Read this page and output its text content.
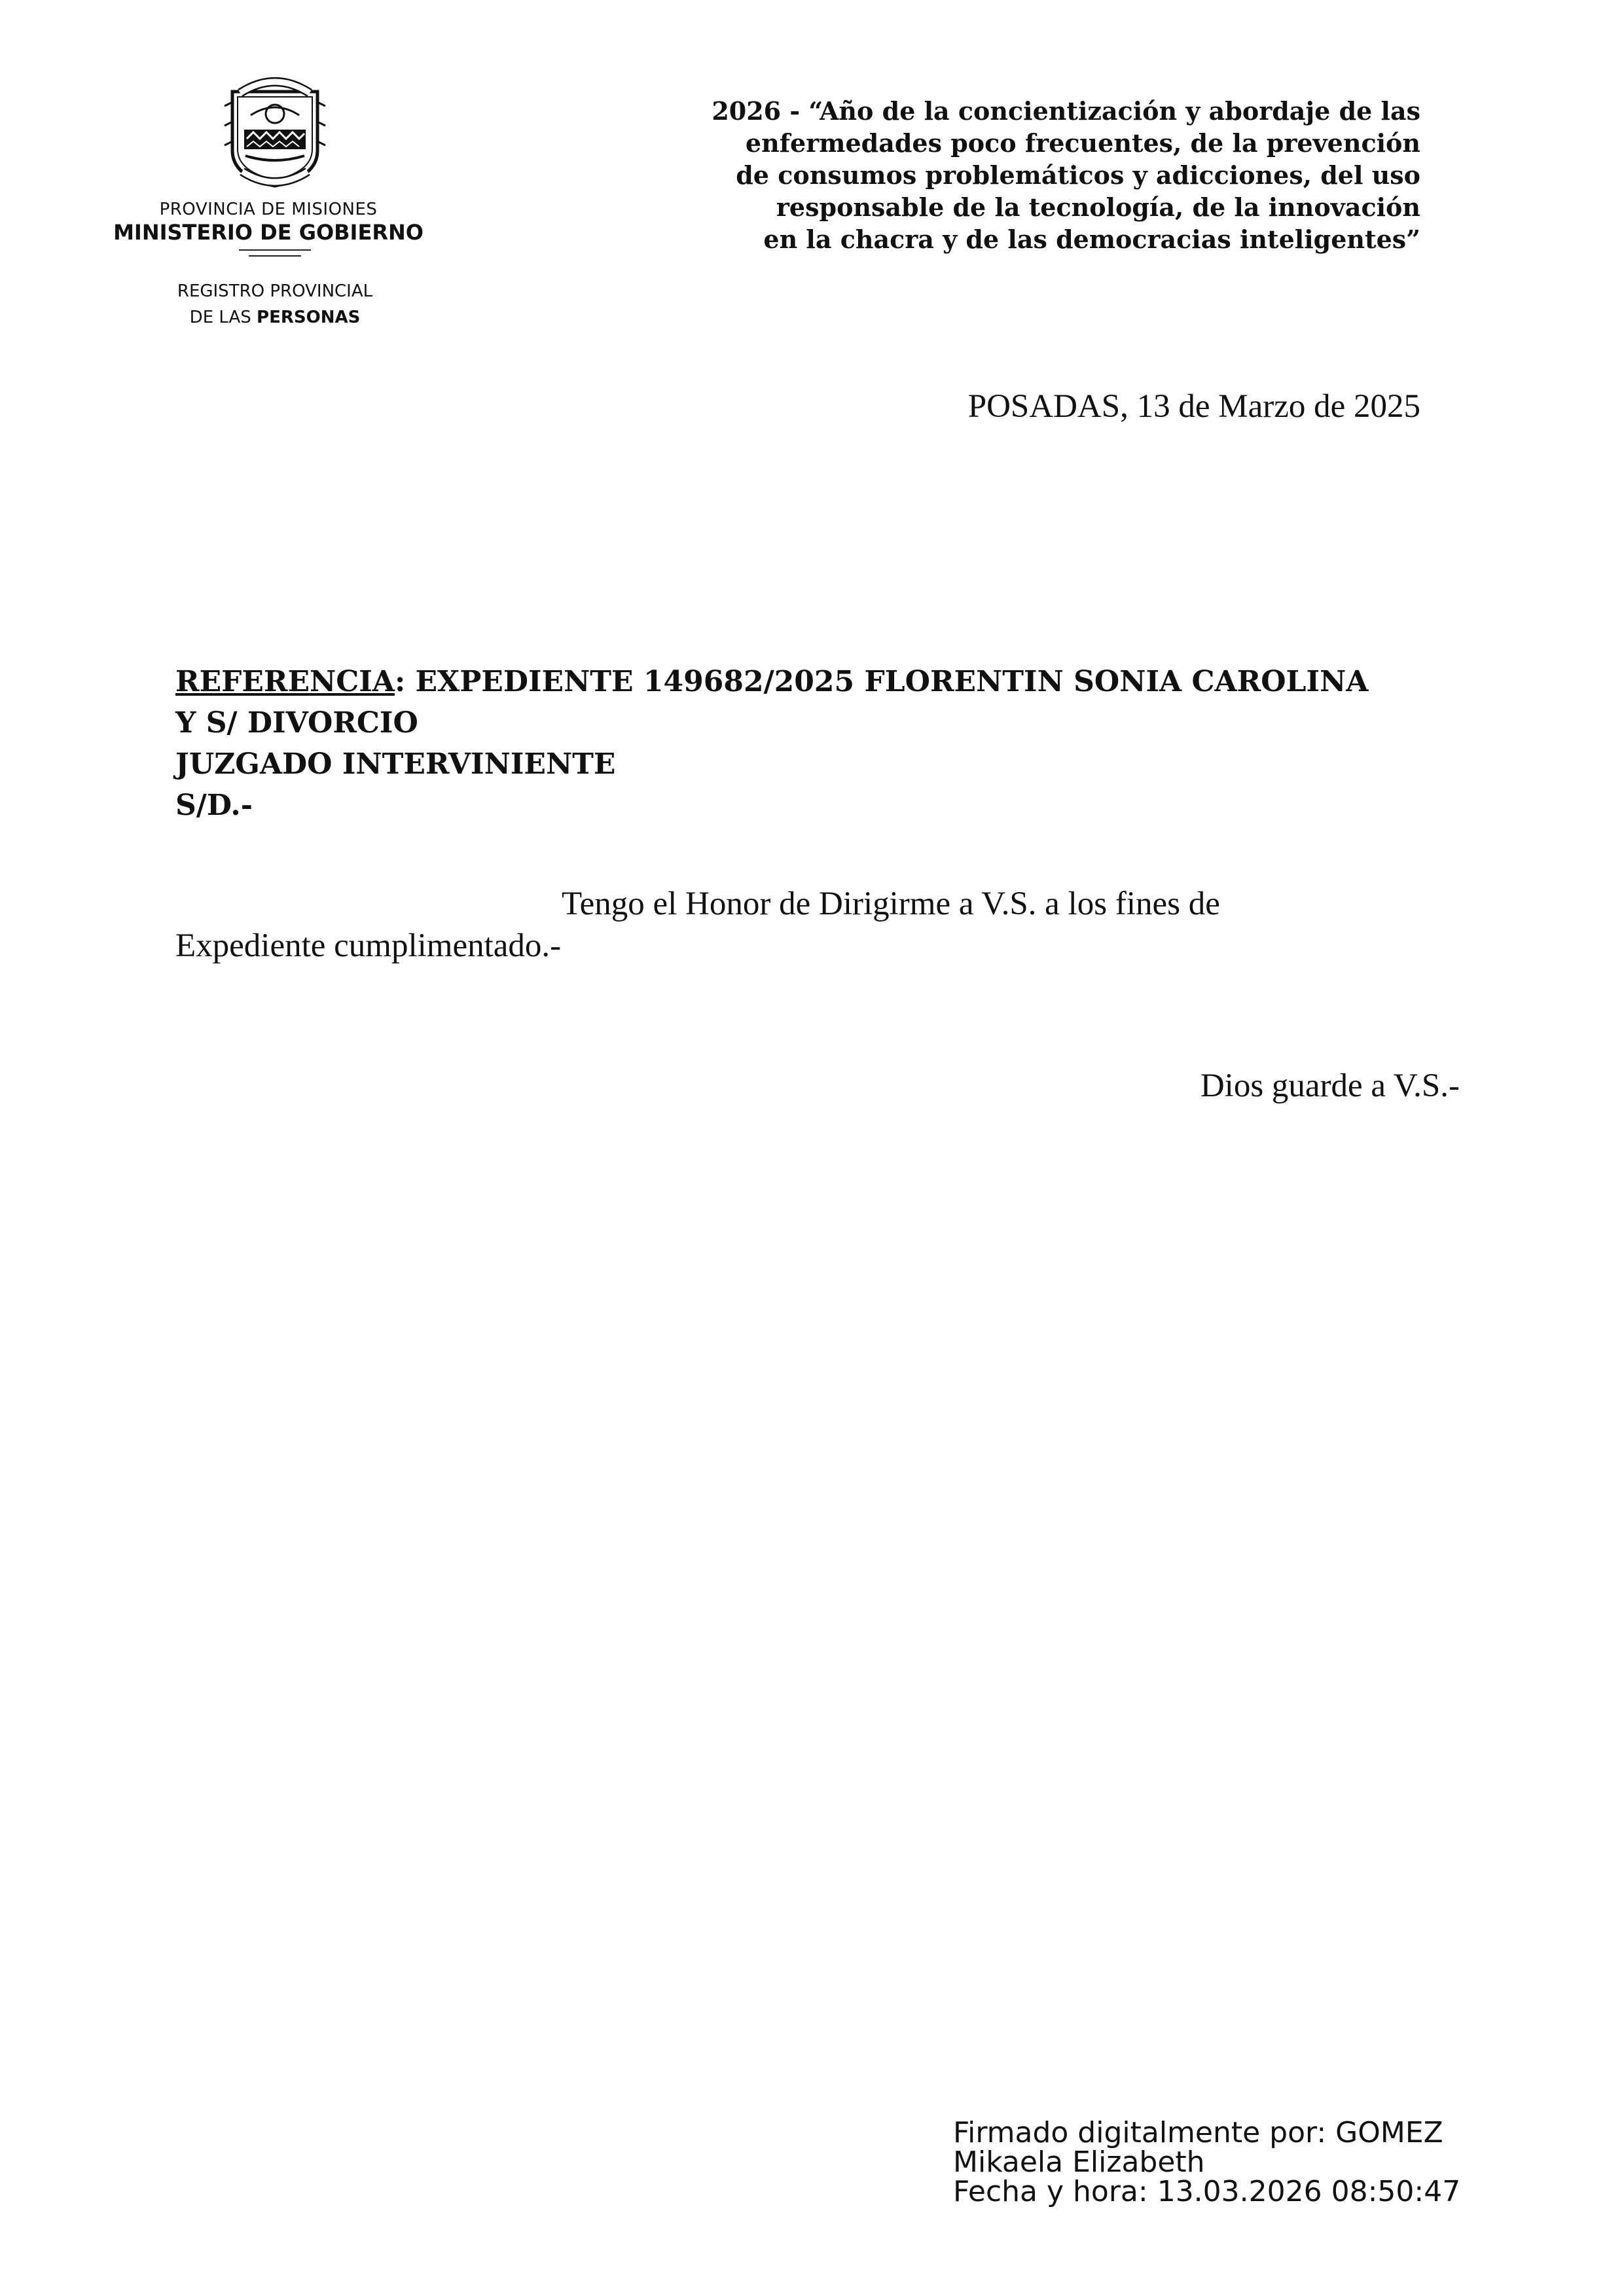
PROVINCIA DE MISIONES
MINISTERIO DE GOBIERNO
REGISTRO PROVINCIAL
DE LAS PERSONAS
2026 - “Año de la concientización y abordaje de las
enfermedades poco frecuentes, de la prevención
de consumos problemáticos y adicciones, del uso
responsable de la tecnología, de la innovación
en la chacra y de las democracias inteligentes”
POSADAS, 13 de Marzo de 2025
REFERENCIA: EXPEDIENTE 149682/2025 FLORENTIN SONIA CAROLINA
Y S/ DIVORCIO
JUZGADO INTERVINIENTE
S/D.-
Tengo el Honor de Dirigirme a V.S. a los fines de
Expediente cumplimentado.-
Dios guarde a V.S.-
Firmado digitalmente por: GOMEZ
Mikaela Elizabeth
Fecha y hora: 13.03.2026 08:50:47
